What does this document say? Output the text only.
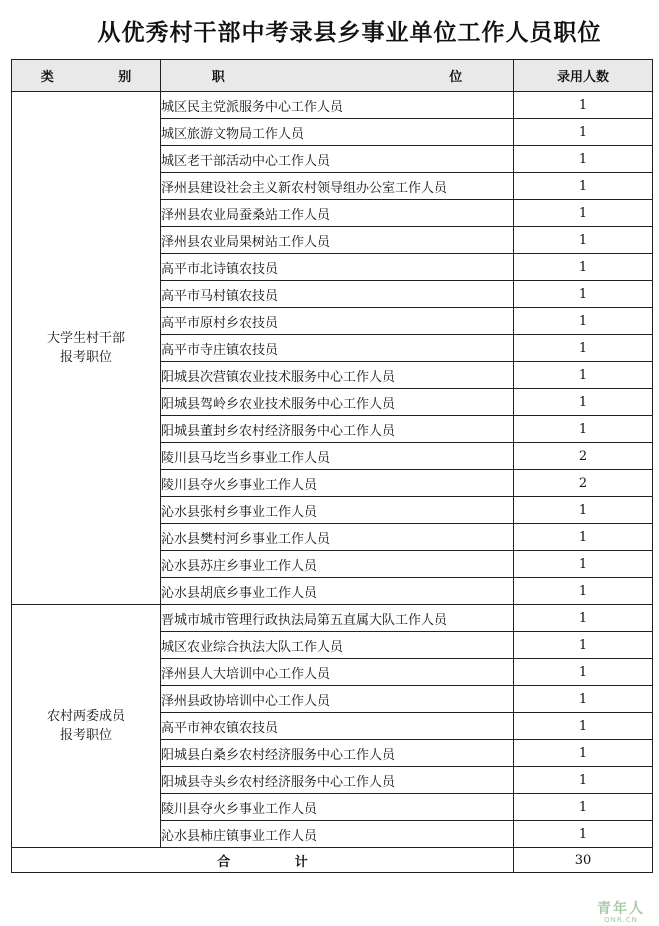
从优秀村干部中考录县乡事业单位工作人员职位
类 别	职 位	录用人数

大学生村干部
报考职位	城区民主党派服务中心工作人员	1
	城区旅游文物局工作人员	1
	城区老干部活动中心工作人员	1
	泽州县建设社会主义新农村领导组办公室工作人员	1
	泽州县农业局蚕桑站工作人员	1
	泽州县农业局果树站工作人员	1
	高平市北诗镇农技员	1
	高平市马村镇农技员	1
	高平市原村乡农技员	1
	高平市寺庄镇农技员	1
	阳城县次营镇农业技术服务中心工作人员	1
	阳城县驾岭乡农业技术服务中心工作人员	1
	阳城县董封乡农村经济服务中心工作人员	1
	陵川县马圪当乡事业工作人员	2
	陵川县夺火乡事业工作人员	2
	沁水县张村乡事业工作人员	1
	沁水县樊村河乡事业工作人员	1
	沁水县苏庄乡事业工作人员	1
	沁水县胡底乡事业工作人员	1

农村两委成员
报考职位	晋城市城市管理行政执法局第五直属大队工作人员	1
	城区农业综合执法大队工作人员	1
	泽州县人大培训中心工作人员	1
	泽州县政协培训中心工作人员	1
	高平市神农镇农技员	1
	阳城县白桑乡农村经济服务中心工作人员	1
	阳城县寺头乡农村经济服务中心工作人员	1
	陵川县夺火乡事业工作人员	1
	沁水县柿庄镇事业工作人员	1
合 计		30
青年人
QNR.CN
